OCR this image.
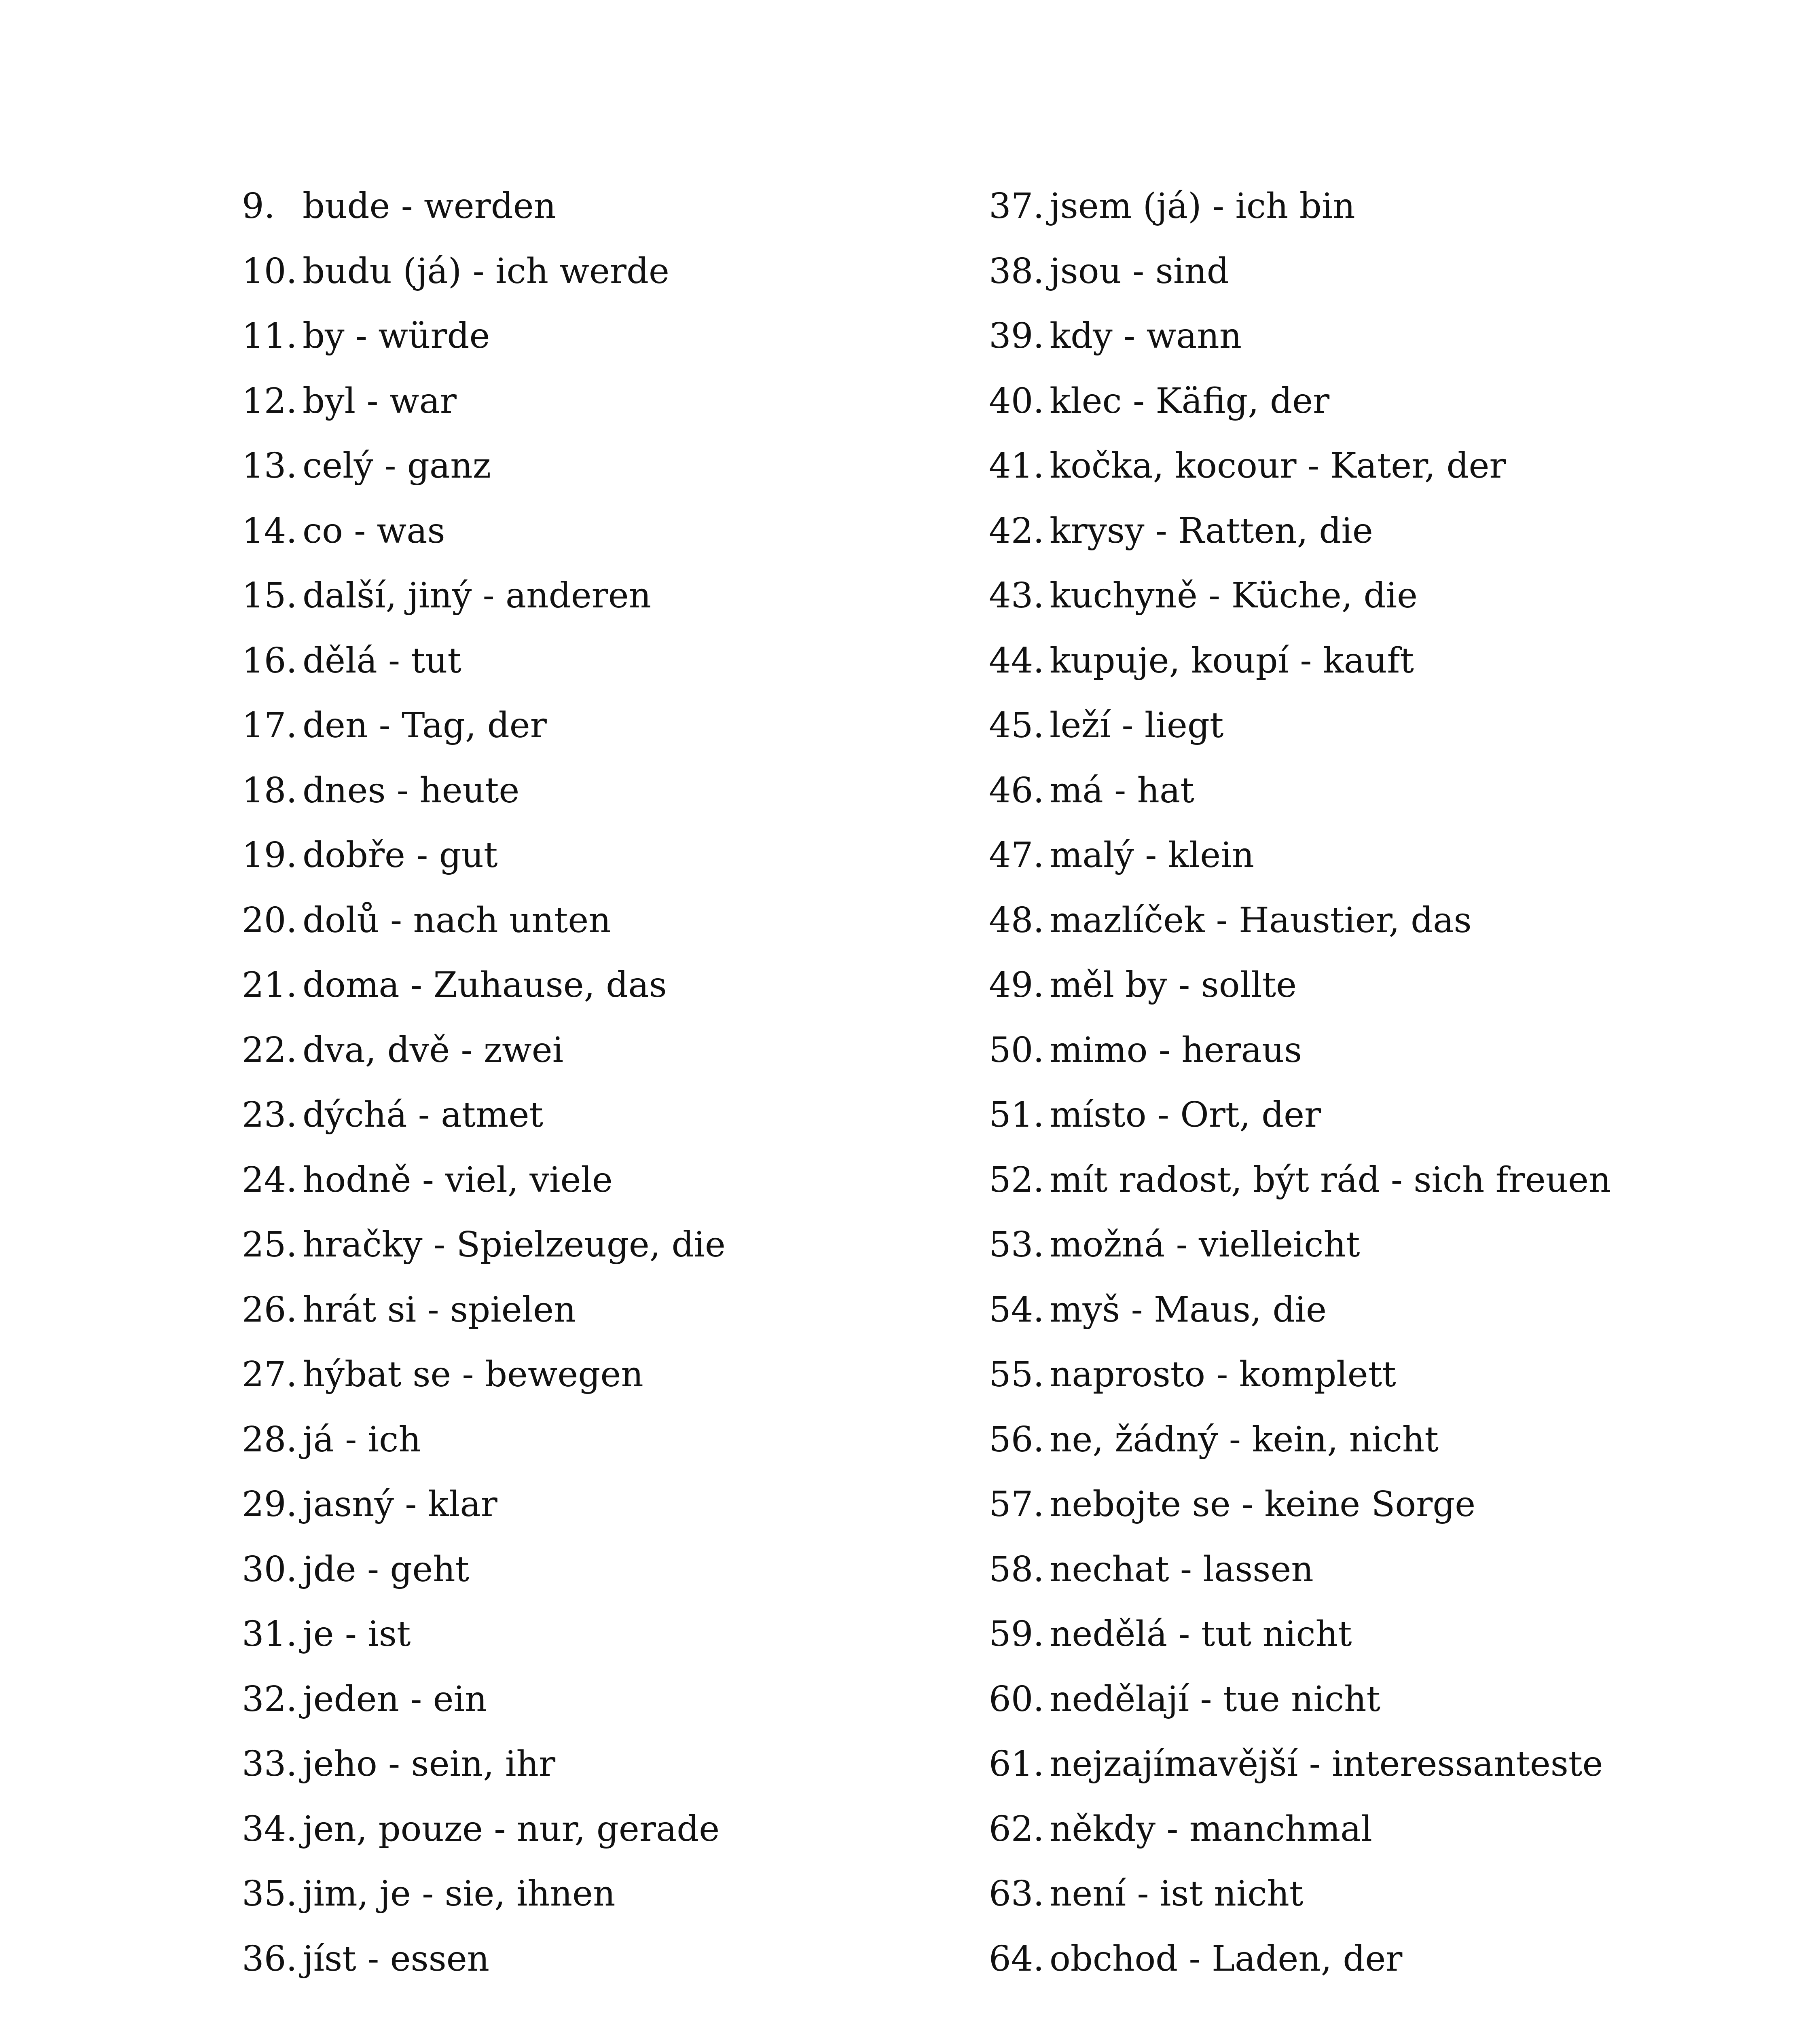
9. bude - werden
10. budu (já) - ich werde
11. by - würde
12. byl - war
13. celý - ganz
14. co - was
15. další, jiný - anderen
16. dělá - tut
17. den - Tag, der
18. dnes - heute
19. dobře - gut
20. dolů - nach unten
21. doma - Zuhause, das
22. dva, dvě - zwei
23. dýchá - atmet
24. hodně - viel, viele
25. hračky - Spielzeuge, die
26. hrát si - spielen
27. hýbat se - bewegen
28. já - ich
29. jasný - klar
30. jde - geht
31. je - ist
32. jeden - ein
33. jeho - sein, ihr
34. jen, pouze - nur, gerade
35. jim, je - sie, ihnen
36. jíst - essen
37. jsem (já) - ich bin
38. jsou - sind
39. kdy - wann
40. klec - Käfig, der
41. kočka, kocour - Kater, der
42. krysy - Ratten, die
43. kuchyně - Küche, die
44. kupuje, koupí - kauft
45. leží - liegt
46. má - hat
47. malý - klein
48. mazlíček - Haustier, das
49. měl by - sollte
50. mimo - heraus
51. místo - Ort, der
52. mít radost, být rád - sich freuen
53. možná - vielleicht
54. myš - Maus, die
55. naprosto - komplett
56. ne, žádný - kein, nicht
57. nebojte se - keine Sorge
58. nechat - lassen
59. nedělá - tut nicht
60. nedělají - tue nicht
61. nejzajímavější - interessanteste
62. někdy - manchmal
63. není - ist nicht
64. obchod - Laden, der
